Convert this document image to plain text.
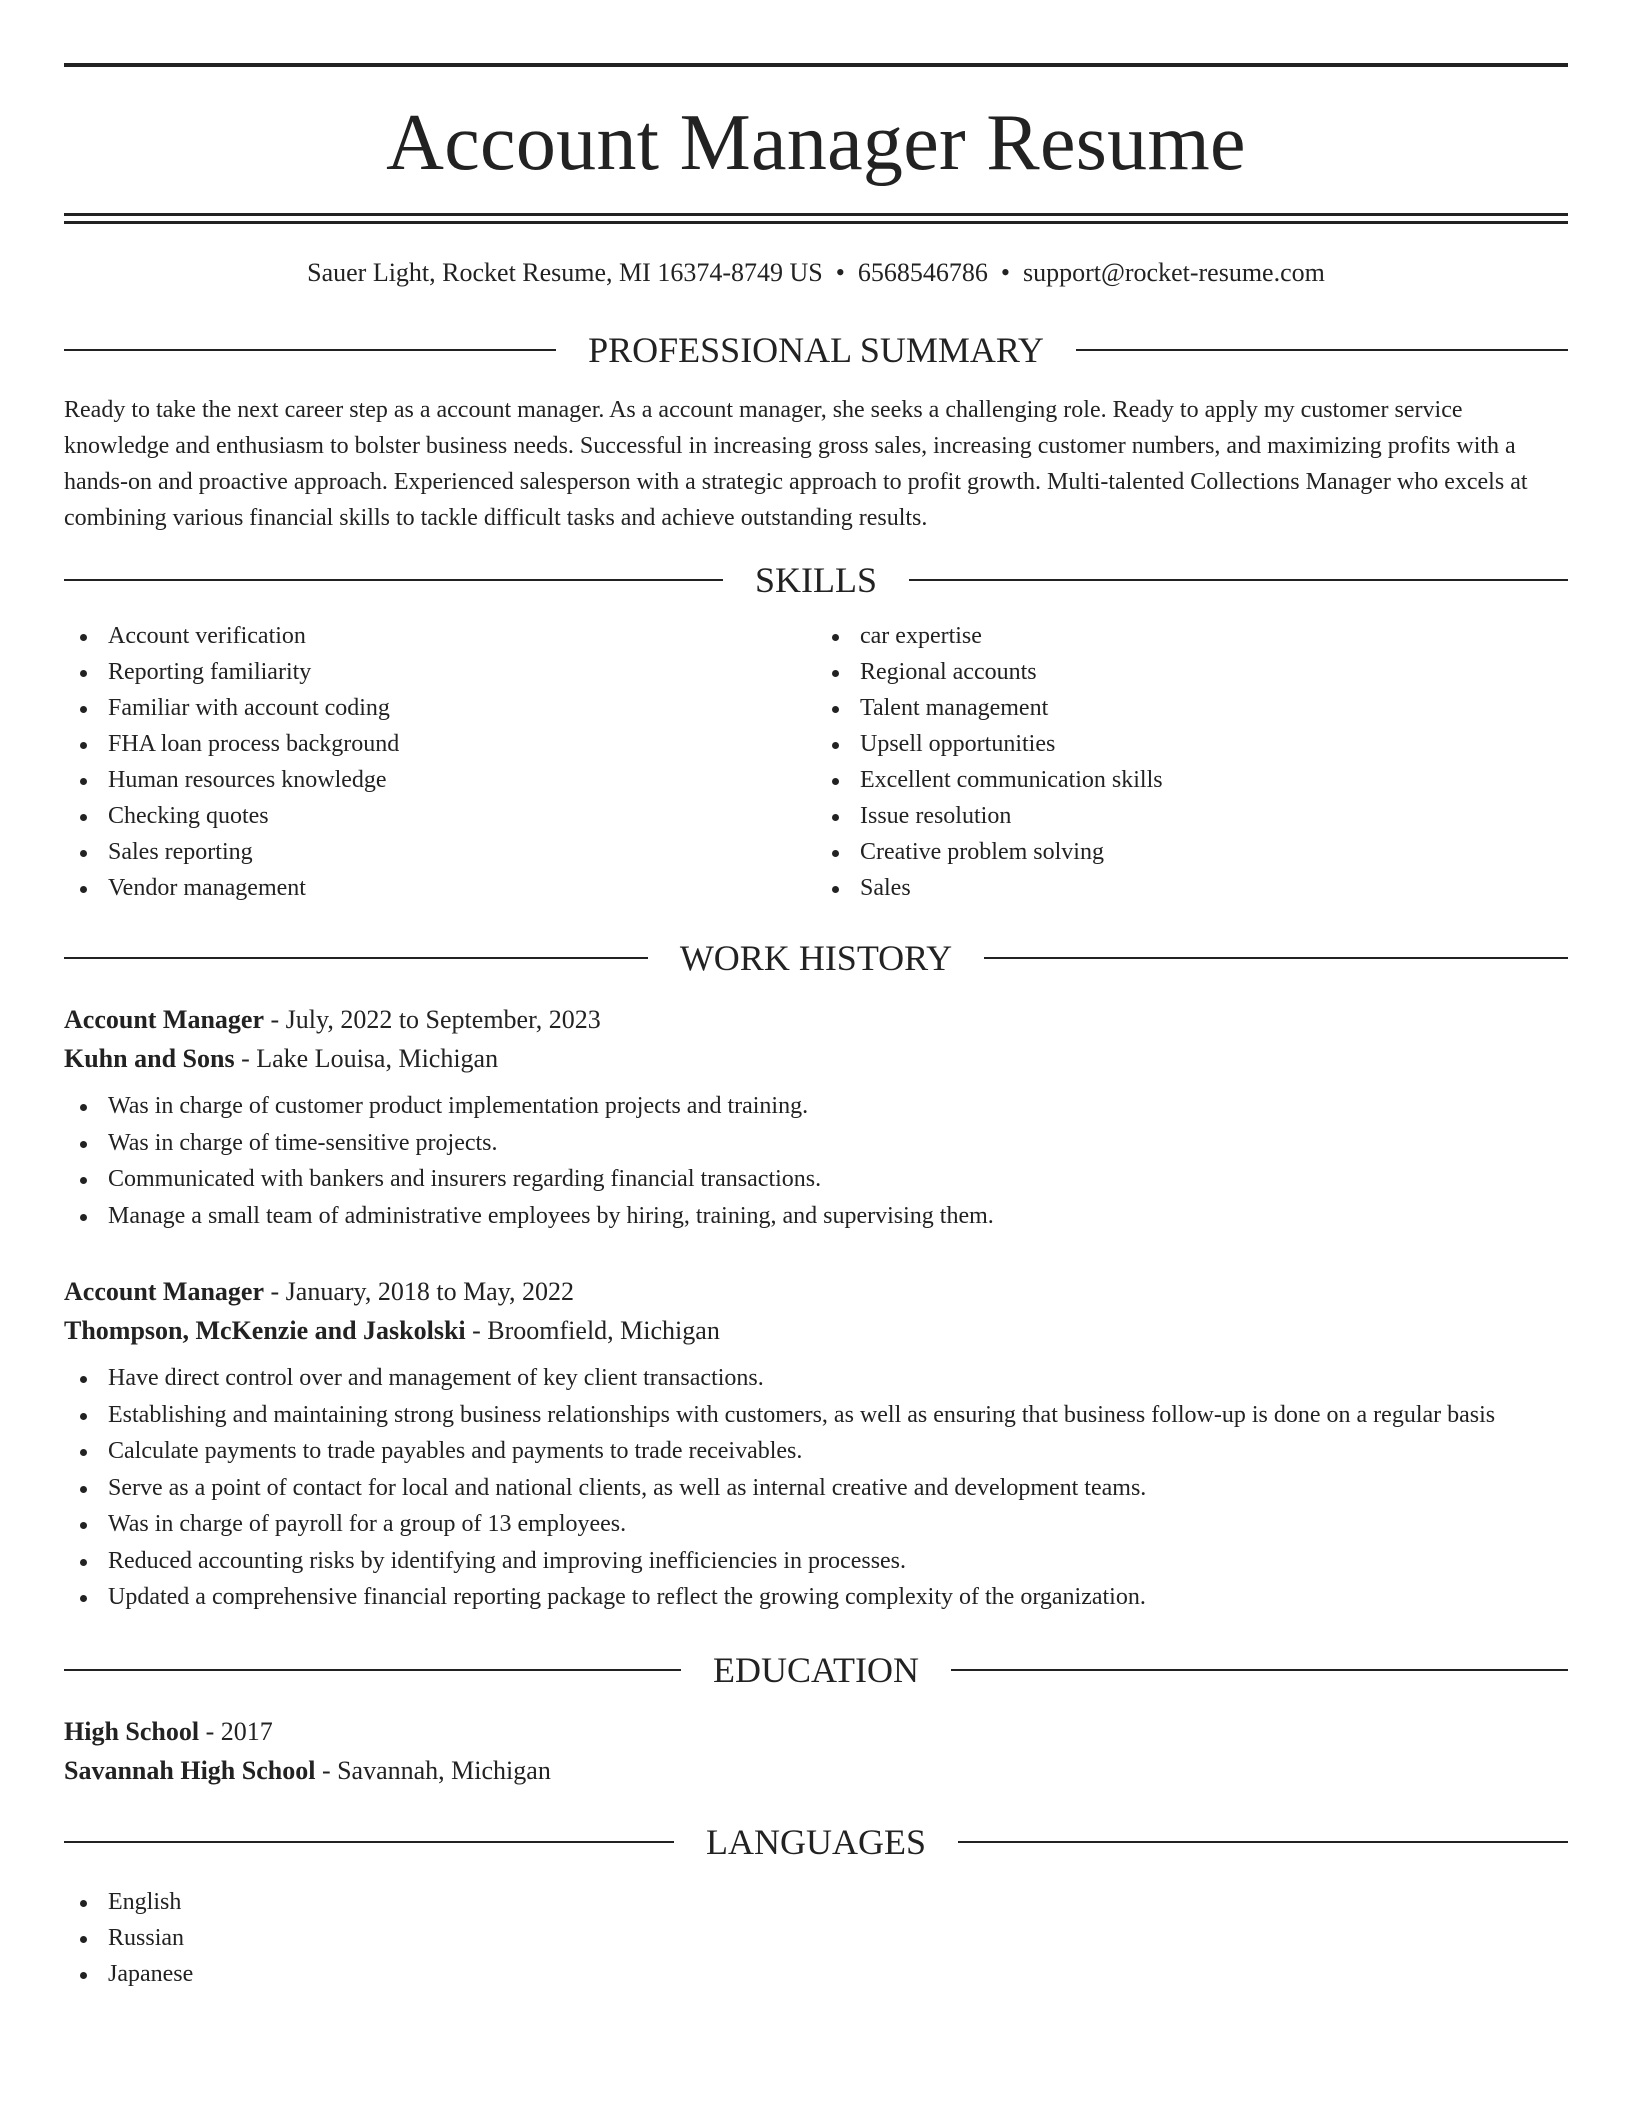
Account Manager Resume
Sauer Light, Rocket Resume, MI 16374-8749 US • 6568546786 • support@rocket-resume.com
PROFESSIONAL SUMMARY

Ready to take the next career step as a account manager. As a account manager, she seeks a challenging role. Ready to apply my customer service knowledge and enthusiasm to bolster business needs. Successful in increasing gross sales, increasing customer numbers, and maximizing profits with a hands-on and proactive approach. Experienced salesperson with a strategic approach to profit growth. Multi-talented Collections Manager who excels at combining various financial skills to tackle difficult tasks and achieve outstanding results.

SKILLS
Account verification
Reporting familiarity
Familiar with account coding
FHA loan process background
Human resources knowledge
Checking quotes
Sales reporting
Vendor management
car expertise
Regional accounts
Talent management
Upsell opportunities
Excellent communication skills
Issue resolution
Creative problem solving
Sales
WORK HISTORY
Account Manager - July, 2022 to September, 2023
Kuhn and Sons - Lake Louisa, Michigan
Was in charge of customer product implementation projects and training.
Was in charge of time-sensitive projects.
Communicated with bankers and insurers regarding financial transactions.
Manage a small team of administrative employees by hiring, training, and supervising them.
Account Manager - January, 2018 to May, 2022
Thompson, McKenzie and Jaskolski - Broomfield, Michigan
Have direct control over and management of key client transactions.
Establishing and maintaining strong business relationships with customers, as well as ensuring that business follow-up is done on a regular basis
Calculate payments to trade payables and payments to trade receivables.
Serve as a point of contact for local and national clients, as well as internal creative and development teams.
Was in charge of payroll for a group of 13 employees.
Reduced accounting risks by identifying and improving inefficiencies in processes.
Updated a comprehensive financial reporting package to reflect the growing complexity of the organization.
EDUCATION
High School - 2017
Savannah High School - Savannah, Michigan
LANGUAGES
English
Russian
Japanese
